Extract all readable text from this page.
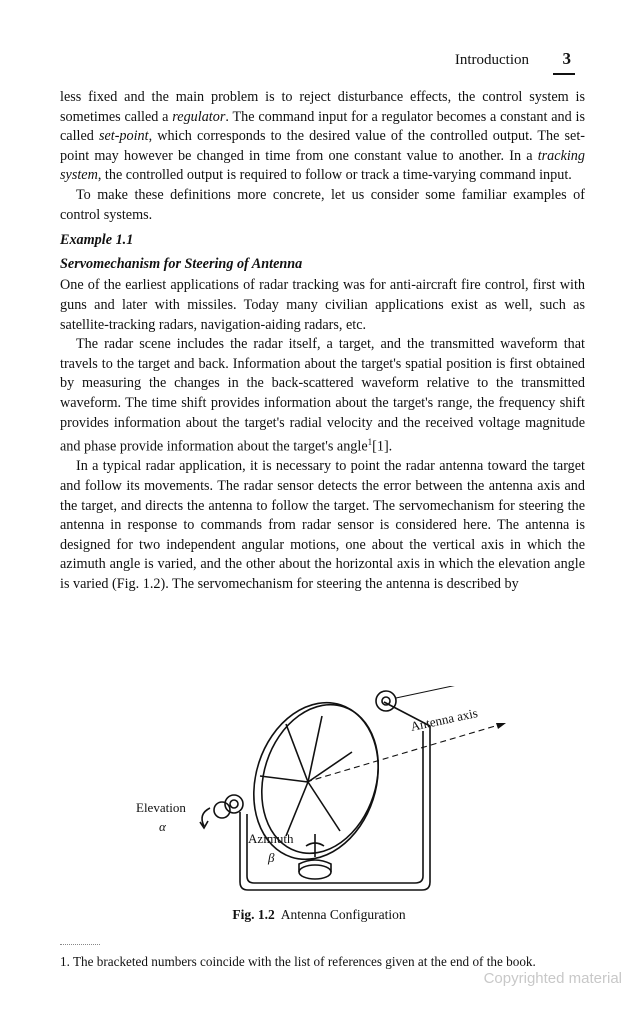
Introduction 3

less fixed and the main problem is to reject disturbance effects, the control system is sometimes called a regulator. The command input for a regulator becomes a constant and is called set-point, which corresponds to the desired value of the controlled output. The set-point may however be changed in time from one constant value to another. In a tracking system, the controlled output is required to follow or track a time-varying command input.

To make these definitions more concrete, let us consider some familiar examples of control systems.

Example 1.1

Servomechanism for Steering of Antenna

One of the earliest applications of radar tracking was for anti-aircraft fire control, first with guns and later with missiles. Today many civilian applications exist as well, such as satellite-tracking radars, navigation-aiding radars, etc.

The radar scene includes the radar itself, a target, and the transmitted waveform that travels to the target and back. Information about the target's spatial position is first obtained by measuring the changes in the back-scattered waveform relative to the transmitted waveform. The time shift provides information about the target's range, the frequency shift provides information about the target's radial velocity and the received voltage magnitude and phase provide information about the target's angle$^1$[1].

In a typical radar application, it is necessary to point the radar antenna toward the target and follow its movements. The radar sensor detects the error between the antenna axis and the target, and directs the antenna to follow the target. The servomechanism for steering the antenna in response to commands from radar sensor is considered here. The antenna is designed for two independent angular motions, one about the vertical axis in which the azimuth angle is varied, and the other about the horizontal axis in which the elevation angle is varied (Fig. 1.2). The servomechanism for steering the antenna is described by

Antenna axis
Elevation
α
Azimuth
β
Fig. 1.2 Antenna Configuration
1. The bracketed numbers coincide with the list of references given at the end of the book.
Copyrighted material
